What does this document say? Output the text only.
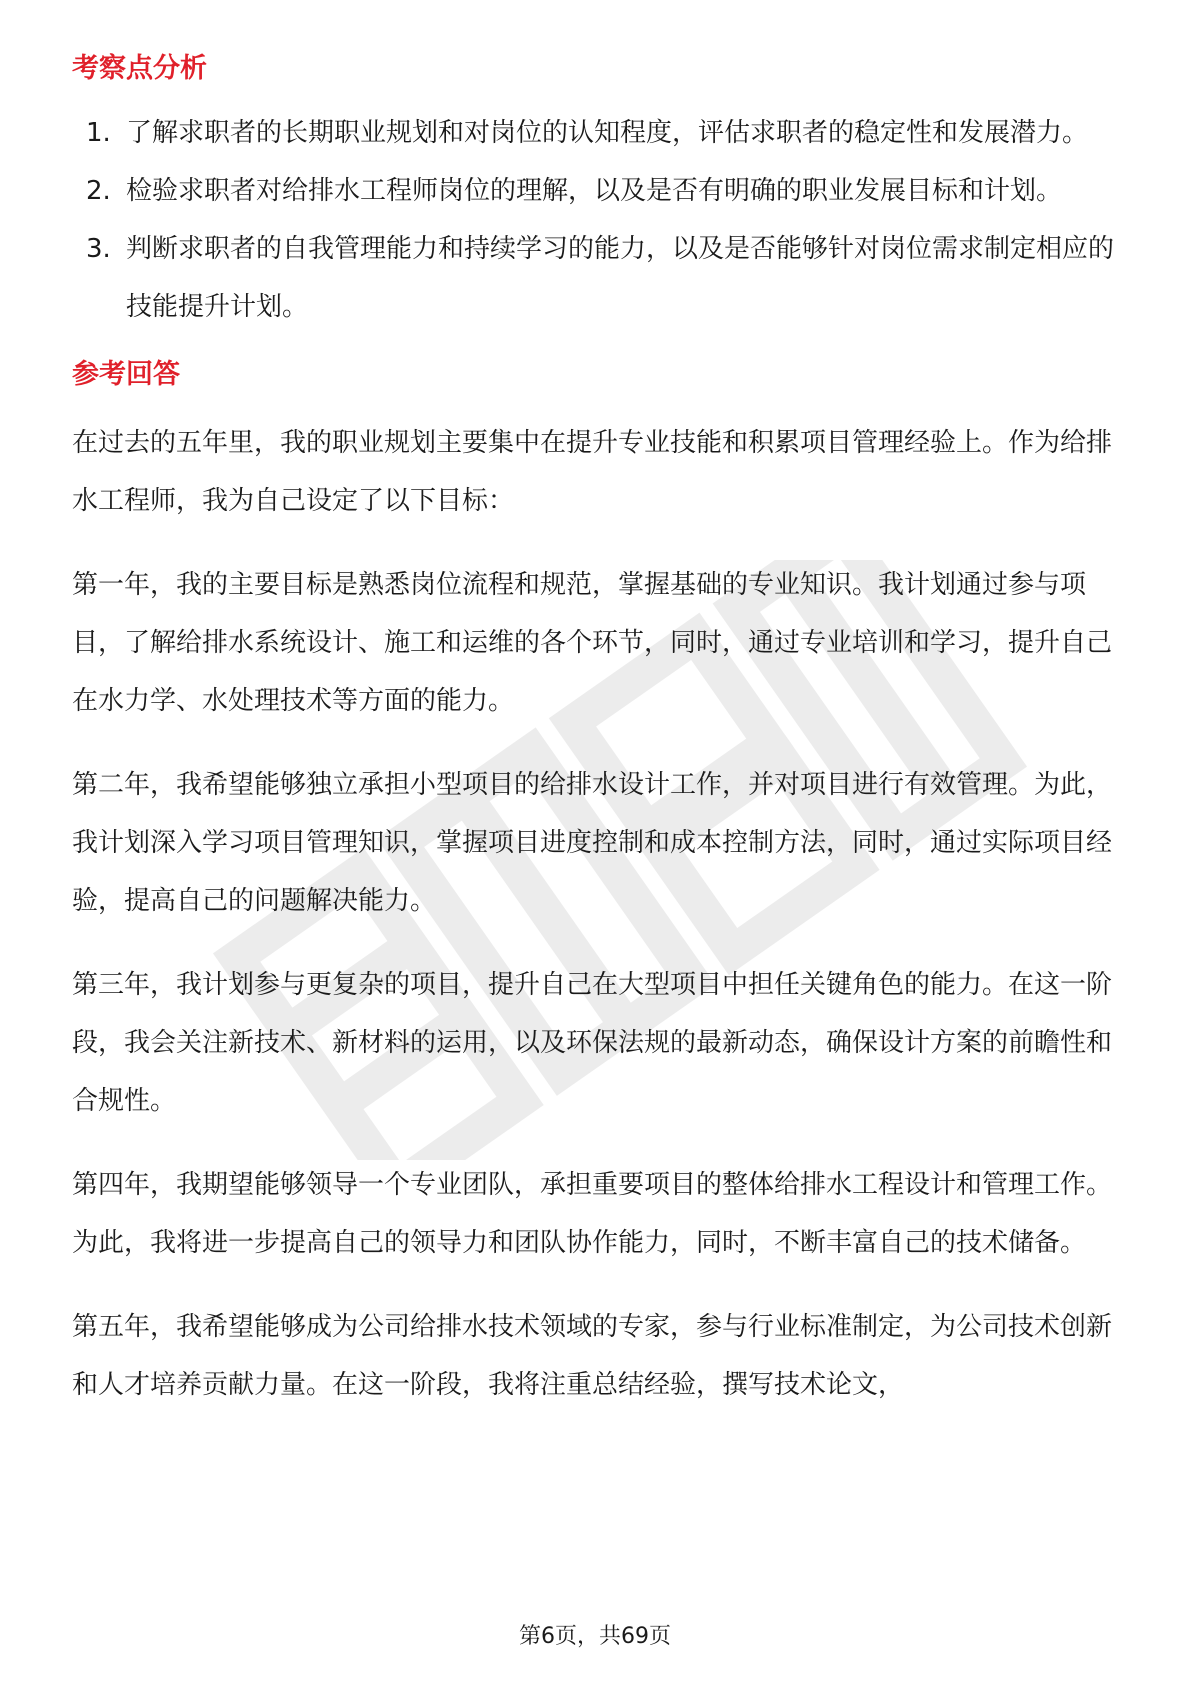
考察点分析
1. 了解求职者的长期职业规划和对岗位的认知程度，评估求职者的稳定性和发展潜力。
2. 检验求职者对给排水工程师岗位的理解，以及是否有明确的职业发展目标和计划。
3. 判断求职者的自我管理能力和持续学习的能力，以及是否能够针对岗位需求制定相应的技能提升计划。
参考回答

在过去的五年里，我的职业规划主要集中在提升专业技能和积累项目管理经验上。作为给排水工程师，我为自己设定了以下目标：

第一年，我的主要目标是熟悉岗位流程和规范，掌握基础的专业知识。我计划通过参与项目，了解给排水系统设计、施工和运维的各个环节，同时，通过专业培训和学习，提升自己在水力学、水处理技术等方面的能力。

第二年，我希望能够独立承担小型项目的给排水设计工作，并对项目进行有效管理。为此，我计划深入学习项目管理知识，掌握项目进度控制和成本控制方法，同时，通过实际项目经验，提高自己的问题解决能力。

第三年，我计划参与更复杂的项目，提升自己在大型项目中担任关键角色的能力。在这一阶段，我会关注新技术、新材料的运用，以及环保法规的最新动态，确保设计方案的前瞻性和合规性。

第四年，我期望能够领导一个专业团队，承担重要项目的整体给排水工程设计和管理工作。为此，我将进一步提高自己的领导力和团队协作能力，同时，不断丰富自己的技术储备。

第五年，我希望能够成为公司给排水技术领域的专家，参与行业标准制定，为公司技术创新和人才培养贡献力量。在这一阶段，我将注重总结经验，撰写技术论文，

第6页，共69页
